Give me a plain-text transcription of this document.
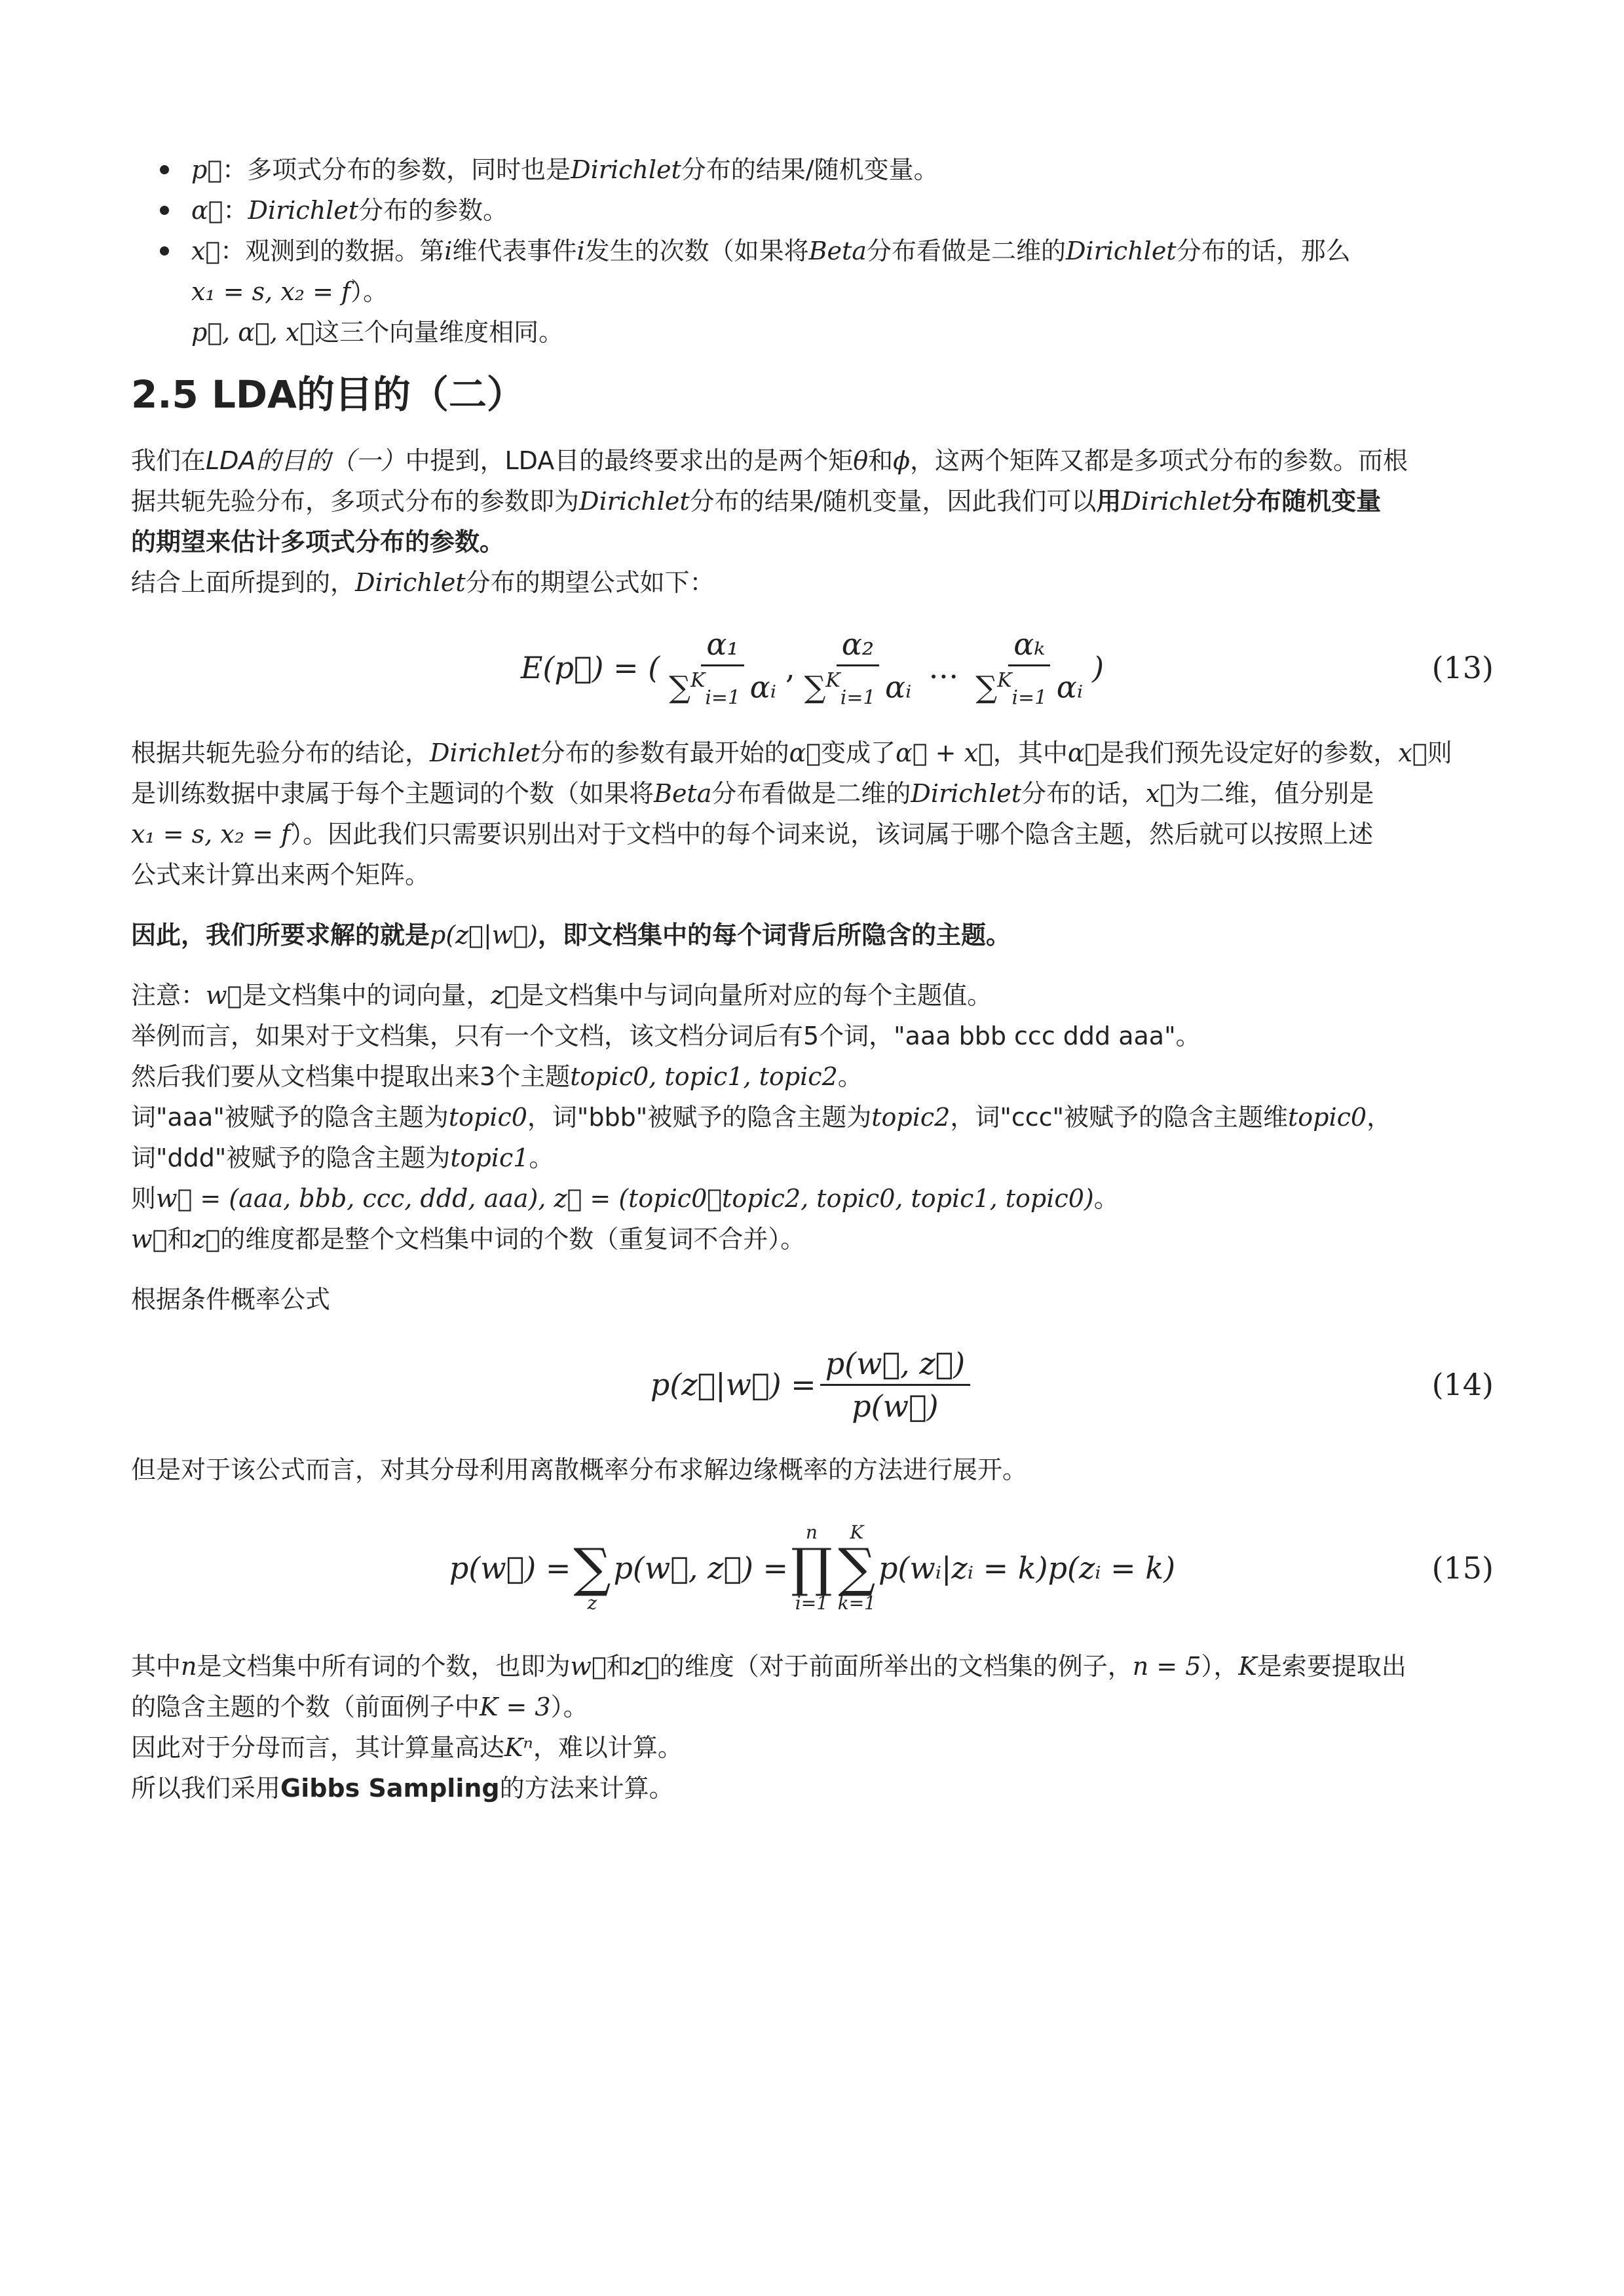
p⃗：多项式分布的参数，同时也是Dirichlet分布的结果/随机变量。
α⃗：Dirichlet分布的参数。
x⃗：观测到的数据。第i维代表事件i发生的次数（如果将Beta分布看做是二维的Dirichlet分布的话，那么
x₁ = s, x₂ = f）。
p⃗, α⃗, x⃗这三个向量维度相同。
2.5 LDA的目的（二）

我们在LDA的目的（一）中提到，LDA目的最终要求出的是两个矩θ和ϕ，这两个矩阵又都是多项式分布的参数。而根
据共轭先验分布，多项式分布的参数即为Dirichlet分布的结果/随机变量，因此我们可以用Dirichlet分布随机变量
的期望来估计多项式分布的参数。

结合上面所提到的，Dirichlet分布的期望公式如下：

E(p⃗) = ( $\frac{\text{α₁}}{\sum^K_{i=1} \alpha ᵢ}$ , $\frac{\text{α₂}}{\sum^K_{i=1} \alpha ᵢ}$ … $\frac{\text{αₖ}}{\sum^K_{i=1} \alpha ᵢ}$ )	(13)

根据共轭先验分布的结论，Dirichlet分布的参数有最开始的α⃗变成了α⃗ + x⃗，其中α⃗是我们预先设定好的参数，x⃗则
是训练数据中隶属于每个主题词的个数（如果将Beta分布看做是二维的Dirichlet分布的话，x⃗为二维，值分别是
x₁ = s, x₂ = f）。因此我们只需要识别出对于文档中的每个词来说，该词属于哪个隐含主题，然后就可以按照上述
公式来计算出来两个矩阵。

因此，我们所要求解的就是p(z⃗|w⃗)，即文档集中的每个词背后所隐含的主题。

注意：w⃗是文档集中的词向量，z⃗是文档集中与词向量所对应的每个主题值。
举例而言，如果对于文档集，只有一个文档，该文档分词后有5个词，"aaa bbb ccc ddd aaa"。
然后我们要从文档集中提取出来3个主题topic0, topic1, topic2。
词"aaa"被赋予的隐含主题为topic0，词"bbb"被赋予的隐含主题为topic2，词"ccc"被赋予的隐含主题维topic0，
词"ddd"被赋予的隐含主题为topic1。
则w⃗ = (aaa, bbb, ccc, ddd, aaa), z⃗ = (topic0，topic2, topic0, topic1, topic0)。
w⃗和z⃗的维度都是整个文档集中词的个数（重复词不合并）。

根据条件概率公式

p(z⃗|w⃗) = $\frac{p(w⃗, z⃗)}{p(w⃗)}$	(14)

但是对于该公式而言，对其分母利用离散概率分布求解边缘概率的方法进行展开。

p(w⃗) =
∑
z
p(w⃗, z⃗) =
n
∏
i=1
K
∑
k=1
p(wᵢ|zᵢ = k)p(zᵢ = k)	(15)

其中n是文档集中所有词的个数，也即为w⃗和z⃗的维度（对于前面所举出的文档集的例子，n = 5），K是索要提取出
的隐含主题的个数（前面例子中K = 3）。
因此对于分母而言，其计算量高达Kⁿ，难以计算。
所以我们采用Gibbs Sampling的方法来计算。
